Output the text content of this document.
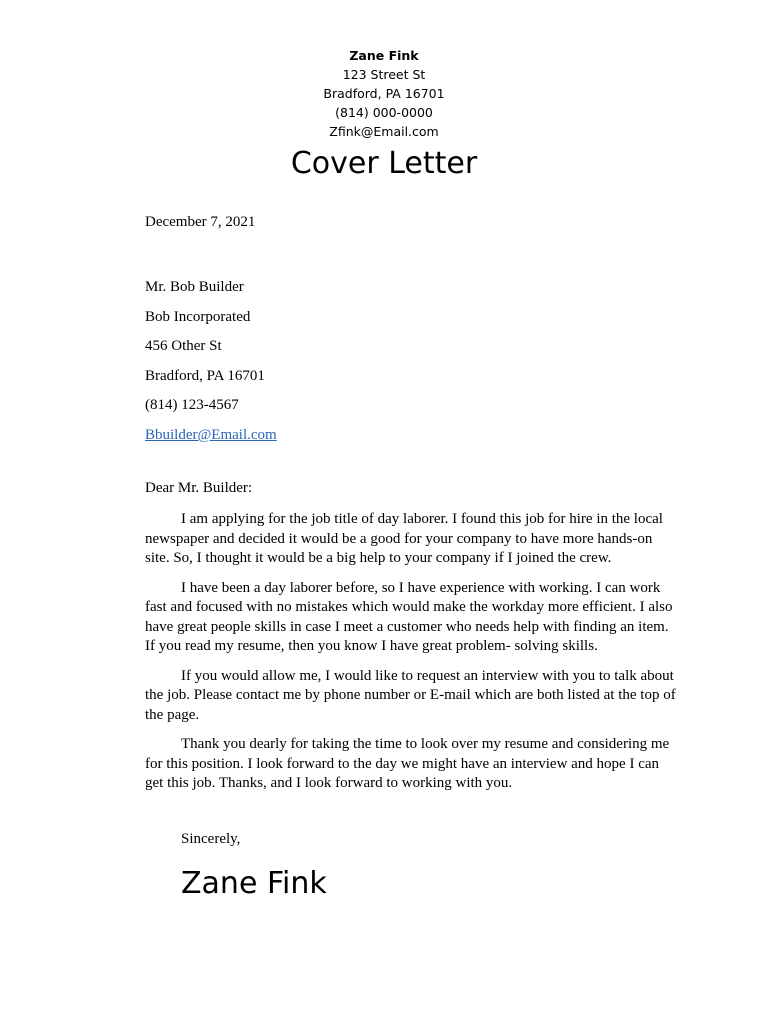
Zane Fink
123 Street St
Bradford, PA 16701
(814) 000-0000
Zfink@Email.com
Cover Letter
December 7, 2021
Mr. Bob Builder
Bob Incorporated
456 Other St
Bradford, PA 16701
(814) 123-4567
Bbuilder@Email.com
Dear Mr. Builder:

I am applying for the job title of day laborer. I found this job for hire in the local newspaper and decided it would be a good for your company to have more hands-on site. So, I thought it would be a big help to your company if I joined the crew.

I have been a day laborer before, so I have experience with working. I can work fast and focused with no mistakes which would make the workday more efficient. I also have great people skills in case I meet a customer who needs help with finding an item. If you read my resume, then you know I have great problem- solving skills.

If you would allow me, I would like to request an interview with you to talk about the job. Please contact me by phone number or E-mail which are both listed at the top of the page.

Thank you dearly for taking the time to look over my resume and considering me for this position. I look forward to the day we might have an interview and hope I can get this job. Thanks, and I look forward to working with you.

Sincerely,
Zane Fink
